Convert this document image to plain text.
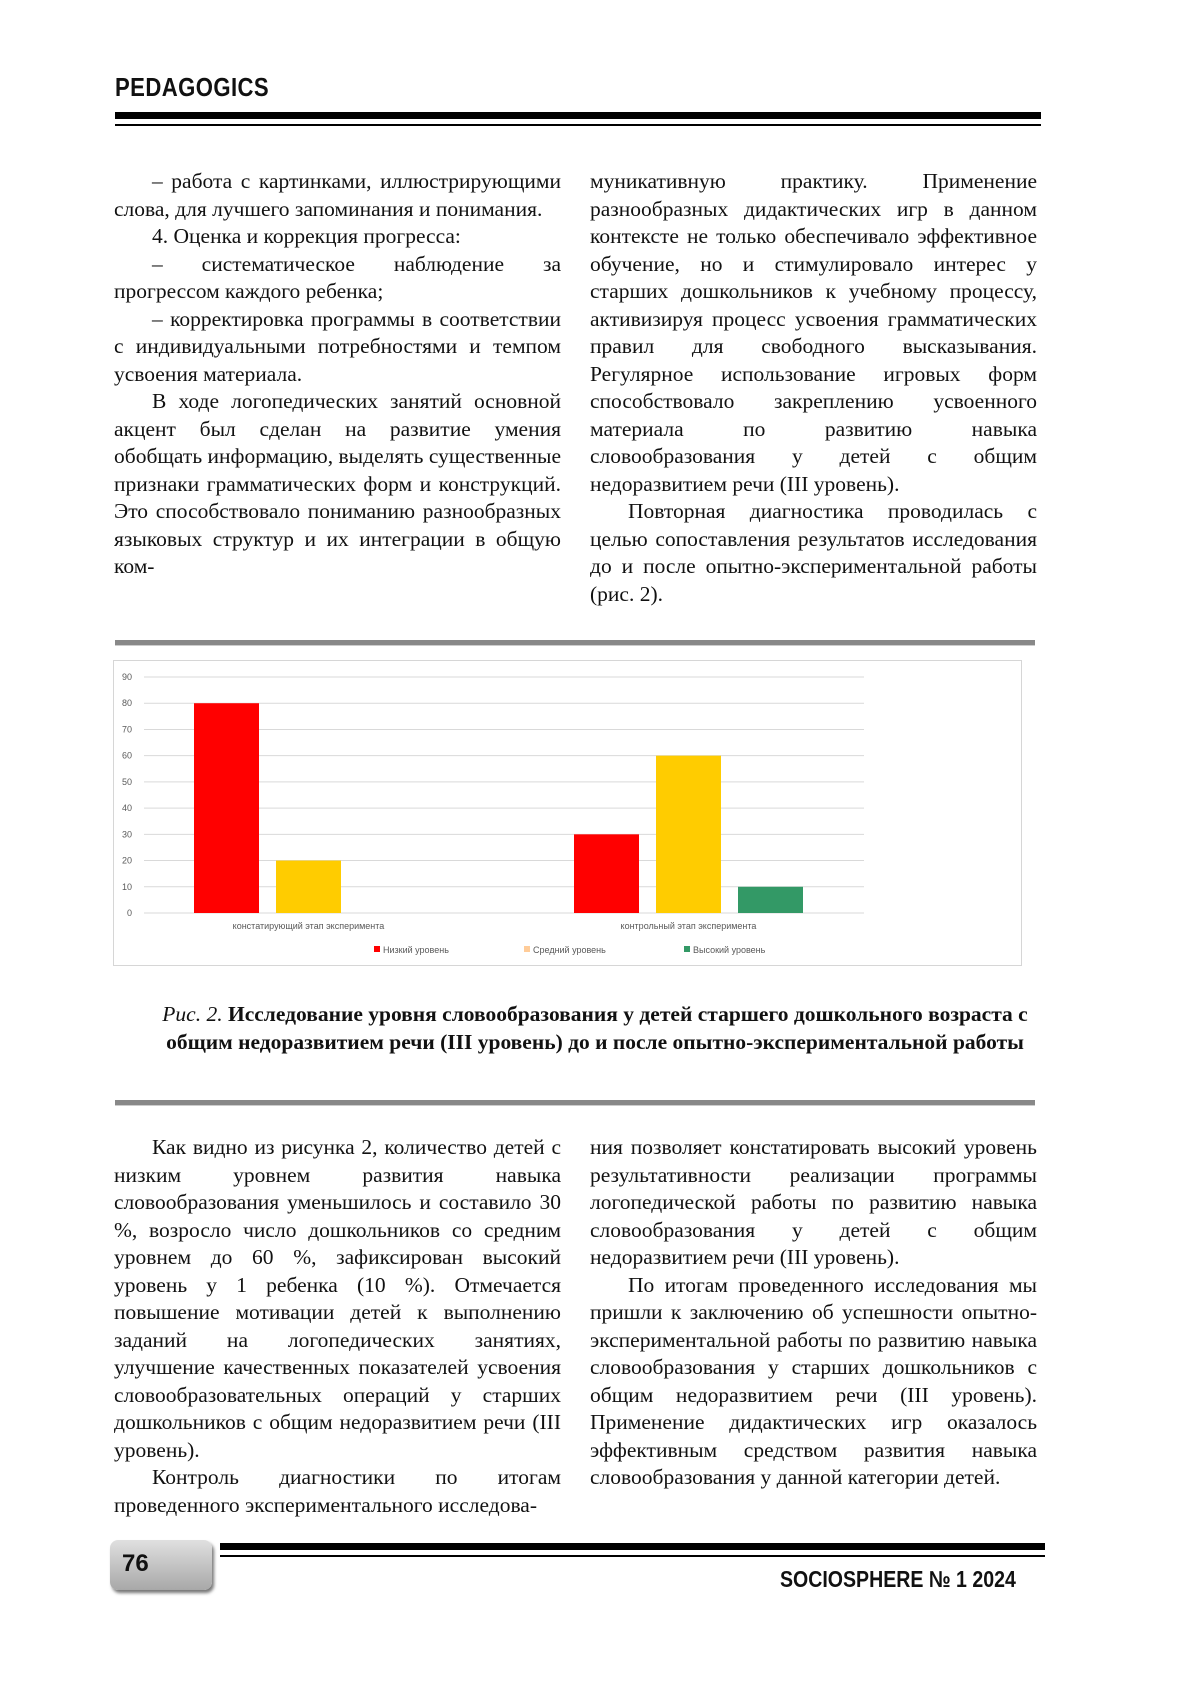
PEDAGOGICS

– работа с картинками, иллюстрирующими слова, для лучшего запоминания и понимания.

4. Оценка и коррекция прогресса:

– систематическое наблюдение за прогрессом каждого ребенка;

– корректировка программы в соответствии с индивидуальными потребностями и темпом усвоения материала.

В ходе логопедических занятий основной акцент был сделан на развитие умения обобщать информацию, выделять существенные признаки грамматических форм и конструкций. Это способствовало пониманию разнообразных языковых структур и их интеграции в общую ком-

муникативную практику. Применение разнообразных дидактических игр в данном контексте не только обеспечивало эффективное обучение, но и стимулировало интерес у старших дошкольников к учебному процессу, активизируя процесс усвоения грамматических правил для свободного высказывания. Регулярное использование игровых форм способствовало закреплению усвоенного материала по развитию навыка словообразования у детей с общим недоразвитием речи (III уровень).

Повторная диагностика проводилась с целью сопоставления результатов исследования до и после опытно-экспериментальной работы (рис. 2).

0
10
20
30
40
50
60
70
80
90
констатирующий этап эксперимента	контрольный этап эксперимента
Низкий уровень	Средний уровень	Высокий уровень
Рис. 2. Исследование уровня словообразования у детей старшего дошкольного возраста с общим недоразвитием речи (III уровень) до и после опытно-экспериментальной работы

Как видно из рисунка 2, количество детей с низким уровнем развития навыка словообразования уменьшилось и составило 30 %, возросло число дошкольников со средним уровнем до 60 %, зафиксирован высокий уровень у 1 ребенка (10 %). Отмечается повышение мотивации детей к выполнению заданий на логопедических занятиях, улучшение качественных показателей усвоения словообразовательных операций у старших дошкольников с общим недоразвитием речи (III уровень).

Контроль диагностики по итогам проведенного экспериментального исследова-

ния позволяет констатировать высокий уровень результативности реализации программы логопедической работы по развитию навыка словообразования у детей с общим недоразвитием речи (III уровень).

По итогам проведенного исследования мы пришли к заключению об успешности опытно-экспериментальной работы по развитию навыка словообразования у старших дошкольников с общим недоразвитием речи (III уровень). Применение дидактических игр оказалось эффективным средством развития навыка словообразования у данной категории детей.

76
SOCIOSPHERE № 1 2024
